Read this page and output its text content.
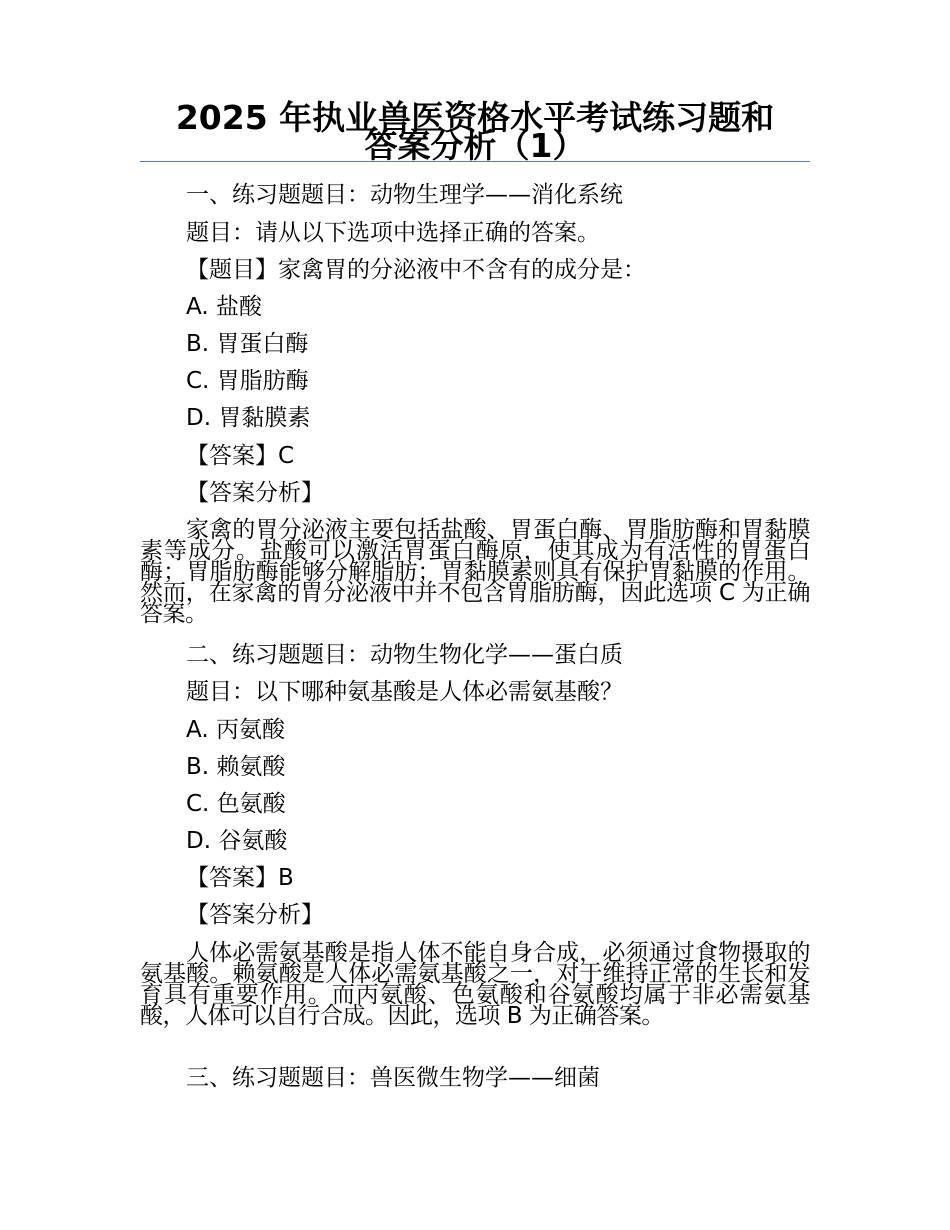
2025 年执业兽医资格水平考试练习题和
答案分析（1）
一、练习题题目：动物生理学——消化系统
题目：请从以下选项中选择正确的答案。
【题目】家禽胃的分泌液中不含有的成分是：
A. 盐酸
B. 胃蛋白酶
C. 胃脂肪酶
D. 胃黏膜素
【答案】C
【答案分析】
家禽的胃分泌液主要包括盐酸、胃蛋白酶、胃脂肪酶和胃黏膜素等成分。盐酸可以激活胃蛋白酶原，使其成为有活性的胃蛋白酶；胃脂肪酶能够分解脂肪；胃黏膜素则具有保护胃黏膜的作用。然而，在家禽的胃分泌液中并不包含胃脂肪酶，因此选项 C 为正确答案。
二、练习题题目：动物生物化学——蛋白质
题目：以下哪种氨基酸是人体必需氨基酸？
A. 丙氨酸
B. 赖氨酸
C. 色氨酸
D. 谷氨酸
【答案】B
【答案分析】
人体必需氨基酸是指人体不能自身合成，必须通过食物摄取的氨基酸。赖氨酸是人体必需氨基酸之一，对于维持正常的生长和发育具有重要作用。而丙氨酸、色氨酸和谷氨酸均属于非必需氨基酸，人体可以自行合成。因此，选项 B 为正确答案。
三、练习题题目：兽医微生物学——细菌
